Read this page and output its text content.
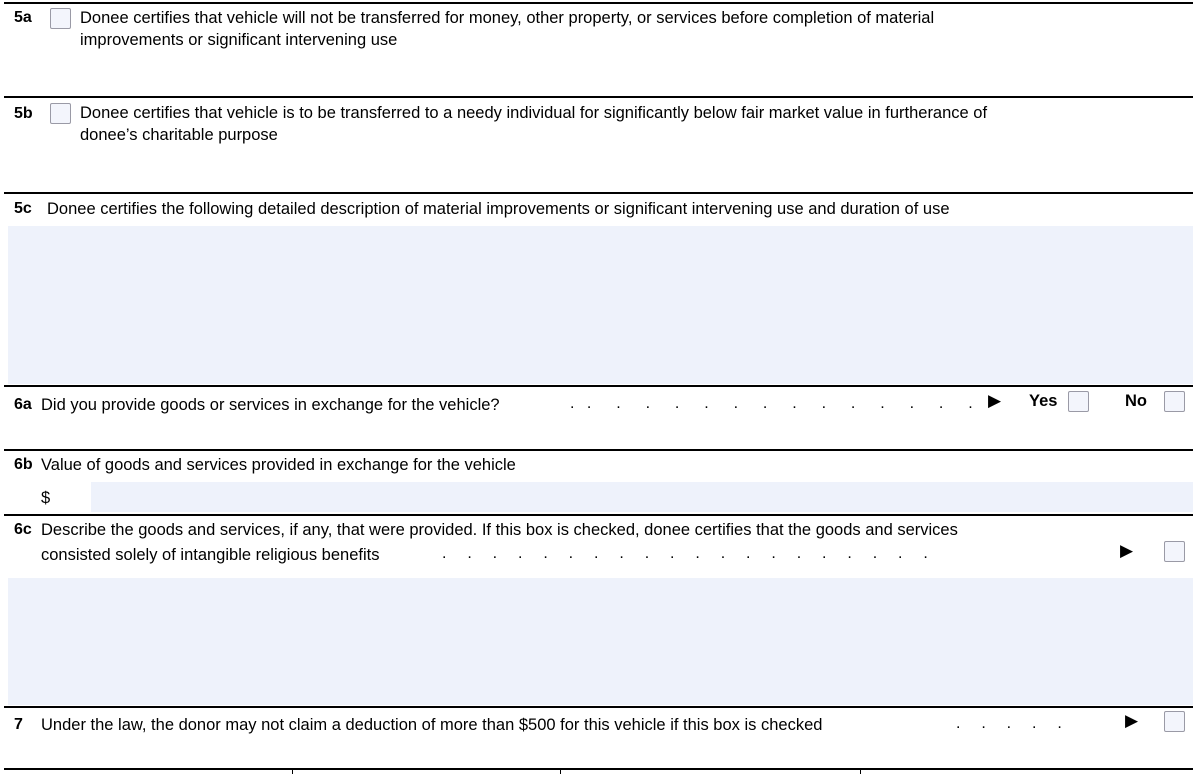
5a	Donee certifies that vehicle will not be transferred for money, other property, or services before completion of material
improvements or significant intervening use
5b	Donee certifies that vehicle is to be transferred to a needy individual for significantly below fair market value in furtherance of
donee’s charitable purpose
5c Donee certifies the following detailed description of material improvements or significant intervening use and duration of use
6a Did you provide goods or services in exchange for the vehicle?	. .  .  .  .  .  .  .  .  .  .  .  .  .  . ▶ Yes	No
6b Value of goods and services provided in exchange for the vehicle
$
6c Describe the goods and services, if any, that were provided. If this box is checked, donee certifies that the goods and services
consisted solely of intangible religious benefits	.  .  .  .  .  .  .  .  .  .  .  .  .  .  .  .  .  .  .  .	▶
7 Under the law, the donor may not claim a deduction of more than $500 for this vehicle if this box is checked	.  .  .  .  .	▶
